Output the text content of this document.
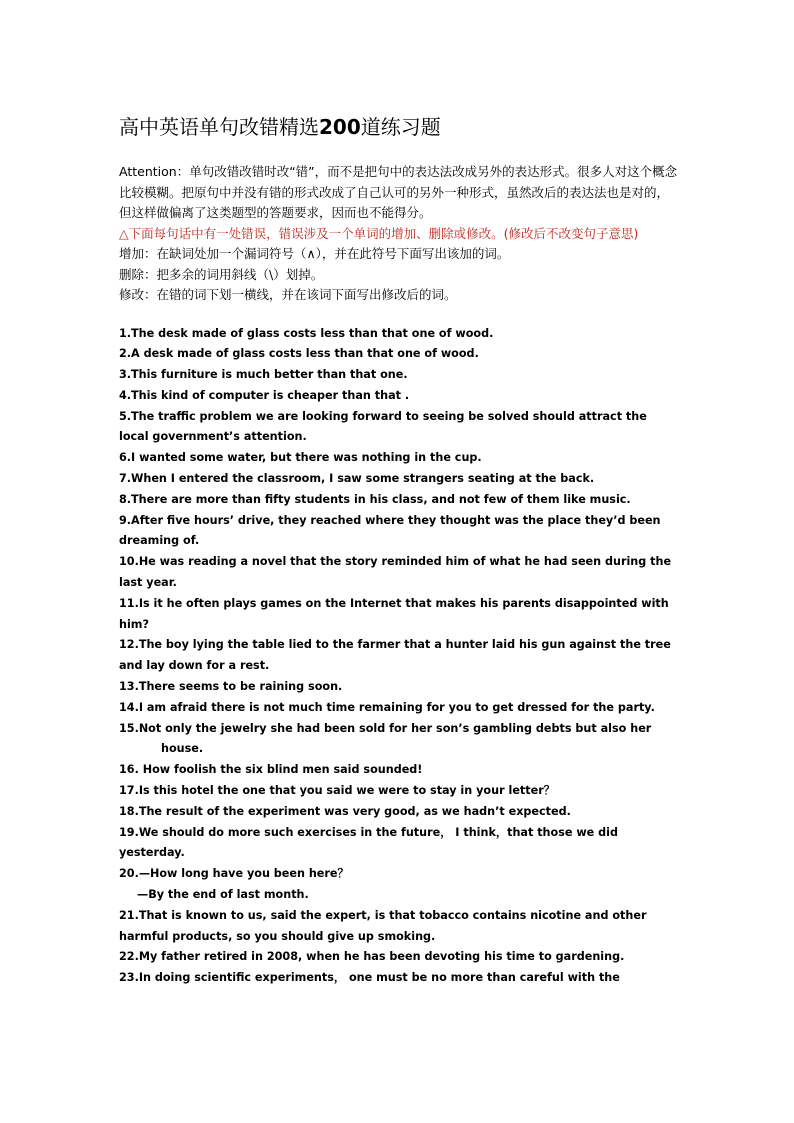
高中英语单句改错精选200道练习题

Attention：单句改错改错时改“错”，而不是把句中的表达法改成另外的表达形式。很多人对这个概念比较模糊。把原句中并没有错的形式改成了自己认可的另外一种形式，虽然改后的表达法也是对的，但这样做偏离了这类题型的答题要求，因而也不能得分。

△下面每句话中有一处错误，错误涉及一个单词的增加、删除或修改。(修改后不改变句子意思)

增加：在缺词处加一个漏词符号（∧），并在此符号下面写出该加的词。

删除：把多余的词用斜线（\）划掉。

修改：在错的词下划一横线，并在该词下面写出修改后的词。

1.The desk made of glass costs less than that one of wood.

2.A desk made of glass costs less than that one of wood.

3.This furniture is much better than that one.

4.This kind of computer is cheaper than that .

5.The traffic problem we are looking forward to seeing be solved should attract the local government’s attention.

6.I wanted some water, but there was nothing in the cup.

7.When I entered the classroom, I saw some strangers seating at the back.

8.There are more than fifty students in his class, and not few of them like music.

9.After five hours’ drive, they reached where they thought was the place they’d been dreaming of.

10.He was reading a novel that the story reminded him of what he had seen during the last year.

11.Is it he often plays games on the Internet that makes his parents disappointed with him?

12.The boy lying the table lied to the farmer that a hunter laid his gun against the tree and lay down for a rest.

13.There seems to be raining soon.

14.I am afraid there is not much time remaining for you to get dressed for the party.

15.Not only the jewelry she had been sold for her son’s gambling debts but also her

house.

16. How foolish the six blind men said sounded!

17.Is this hotel the one that you said we were to stay in your letter？

18.The result of the experiment was very good, as we hadn’t expected.

19.We should do more such exercises in the future， I think，that those we did yesterday.

20.—How long have you been here？

—By the end of last month.

21.That is known to us, said the expert, is that tobacco contains nicotine and other harmful products, so you should give up smoking.

22.My father retired in 2008, when he has been devoting his time to gardening.

23.In doing scientific experiments， one must be no more than careful with the
